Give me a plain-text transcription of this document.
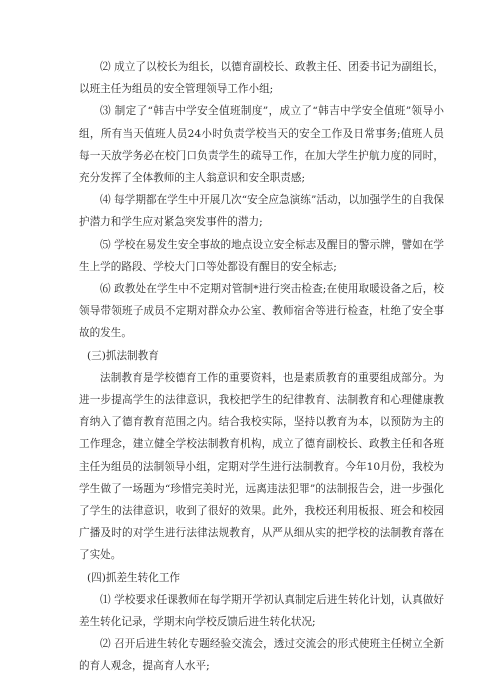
⑵ 成立了以校长为组长，以德育副校长、政教主任、团委书记为副组长，以班主任为组员的安全管理领导工作小组;

⑶ 制定了“韩吉中学安全值班制度”，成立了“韩吉中学安全值班”领导小组，所有当天值班人员24小时负责学校当天的安全工作及日常事务;值班人员每一天放学务必在校门口负责学生的疏导工作，在加大学生护航力度的同时，充分发挥了全体教师的主人翁意识和安全职责感;

⑷ 每学期都在学生中开展几次“安全应急演练”活动，以加强学生的自我保护潜力和学生应对紧急突发事件的潜力;

⑸ 学校在易发生安全事故的地点设立安全标志及醒目的警示牌，譬如在学生上学的路段、学校大门口等处都设有醒目的安全标志;

⑹ 政教处在学生中不定期对管制*进行突击检查;在使用取暖设备之后，校领导带领班子成员不定期对群众办公室、教师宿舍等进行检查，杜绝了安全事故的发生。

(三)抓法制教育

法制教育是学校德育工作的重要资料，也是素质教育的重要组成部分。为进一步提高学生的法律意识，我校把学生的纪律教育、法制教育和心理健康教育纳入了德育教育范围之内。结合我校实际，坚持以教育为本，以预防为主的工作理念，建立健全学校法制教育机构，成立了德育副校长、政教主任和各班主任为组员的法制领导小组，定期对学生进行法制教育。今年10月份，我校为学生做了一场题为“珍惜完美时光，远离违法犯罪”的法制报告会，进一步强化了学生的法律意识，收到了很好的效果。此外，我校还利用板报、班会和校园广播及时的对学生进行法律法规教育，从严从细从实的把学校的法制教育落在了实处。

(四)抓差生转化工作

⑴ 学校要求任课教师在每学期开学初认真制定后进生转化计划，认真做好差生转化记录，学期末向学校反馈后进生转化状况;

⑵ 召开后进生转化专题经验交流会，透过交流会的形式使班主任树立全新的育人观念，提高育人水平;
